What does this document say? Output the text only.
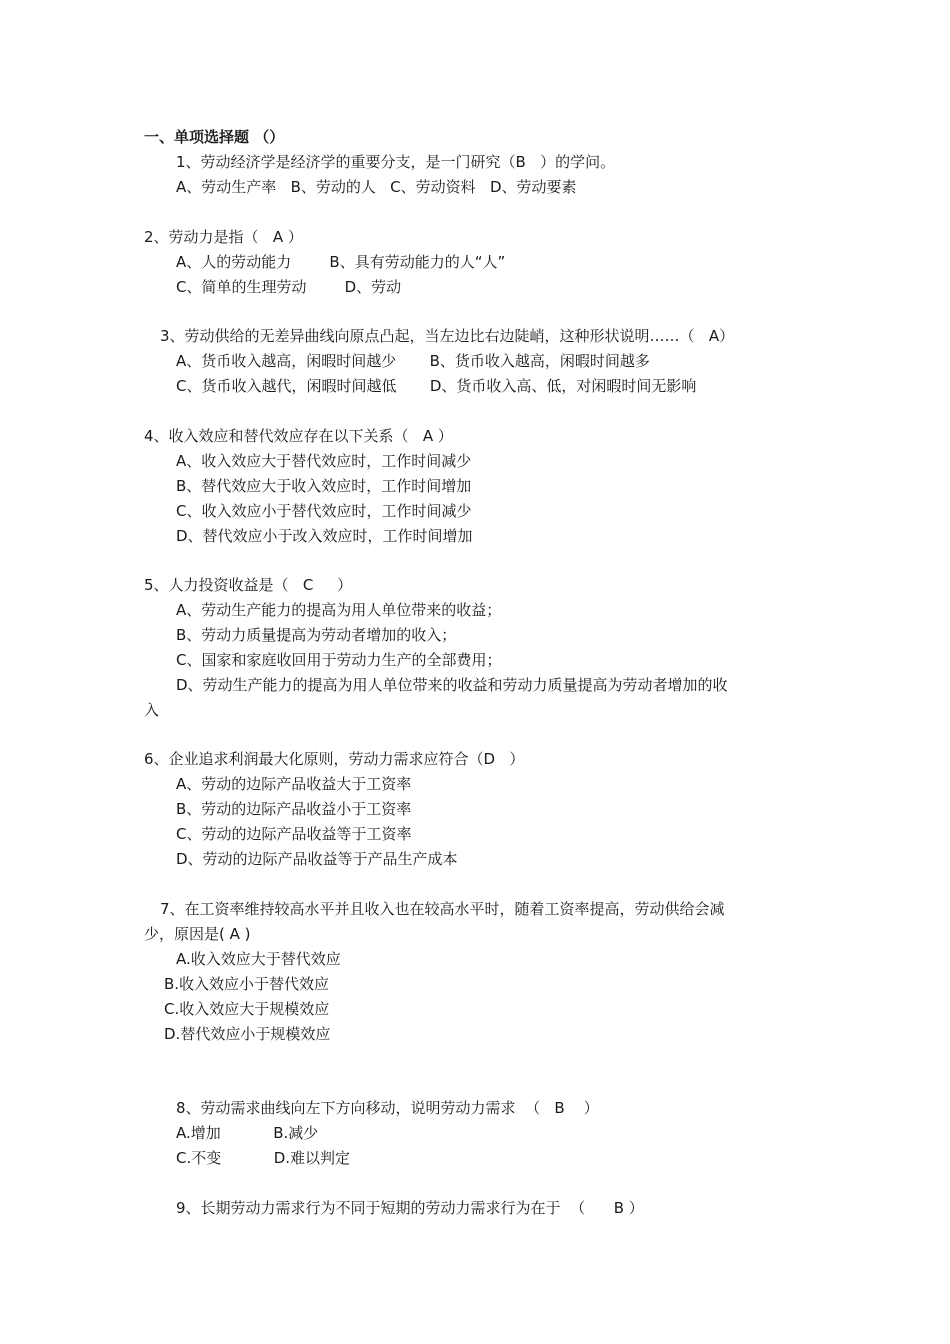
一、单项选择题 （）
1、劳动经济学是经济学的重要分支，是一门研究（B   ）的学问。
A、劳动生产率   B、劳动的人   C、劳动资料   D、劳动要素
2、劳动力是指（   A ）
A、人的劳动能力        B、具有劳动能力的人“人”
C、简单的生理劳动        D、劳动
3、劳动供给的无差异曲线向原点凸起，当左边比右边陡峭，这种形状说明……（   A）
A、货币收入越高，闲暇时间越少       B、货币收入越高，闲暇时间越多
C、货币收入越代，闲暇时间越低       D、货币收入高、低，对闲暇时间无影响
4、收入效应和替代效应存在以下关系（   A ）
A、收入效应大于替代效应时，工作时间减少
B、替代效应大于收入效应时，工作时间增加
C、收入效应小于替代效应时，工作时间减少
D、替代效应小于改入效应时，工作时间增加
5、人力投资收益是（   C     ）
A、劳动生产能力的提高为用人单位带来的收益；
B、劳动力质量提高为劳动者增加的收入；
C、国家和家庭收回用于劳动力生产的全部费用；
D、劳动生产能力的提高为用人单位带来的收益和劳动力质量提高为劳动者增加的收
入
6、企业追求利润最大化原则，劳动力需求应符合（D   ）
A、劳动的边际产品收益大于工资率
B、劳动的边际产品收益小于工资率
C、劳动的边际产品收益等于工资率
D、劳动的边际产品收益等于产品生产成本
7、在工资率维持较高水平并且收入也在较高水平时，随着工资率提高，劳动供给会减
少，原因是( A )
A.收入效应大于替代效应
B.收入效应小于替代效应
C.收入效应大于规模效应
D.替代效应小于规模效应
8、劳动需求曲线向左下方向移动，说明劳动力需求  （   B    ）
A.增加           B.减少
C.不变           D.难以判定
9、长期劳动力需求行为不同于短期的劳动力需求行为在于  （      B ）
